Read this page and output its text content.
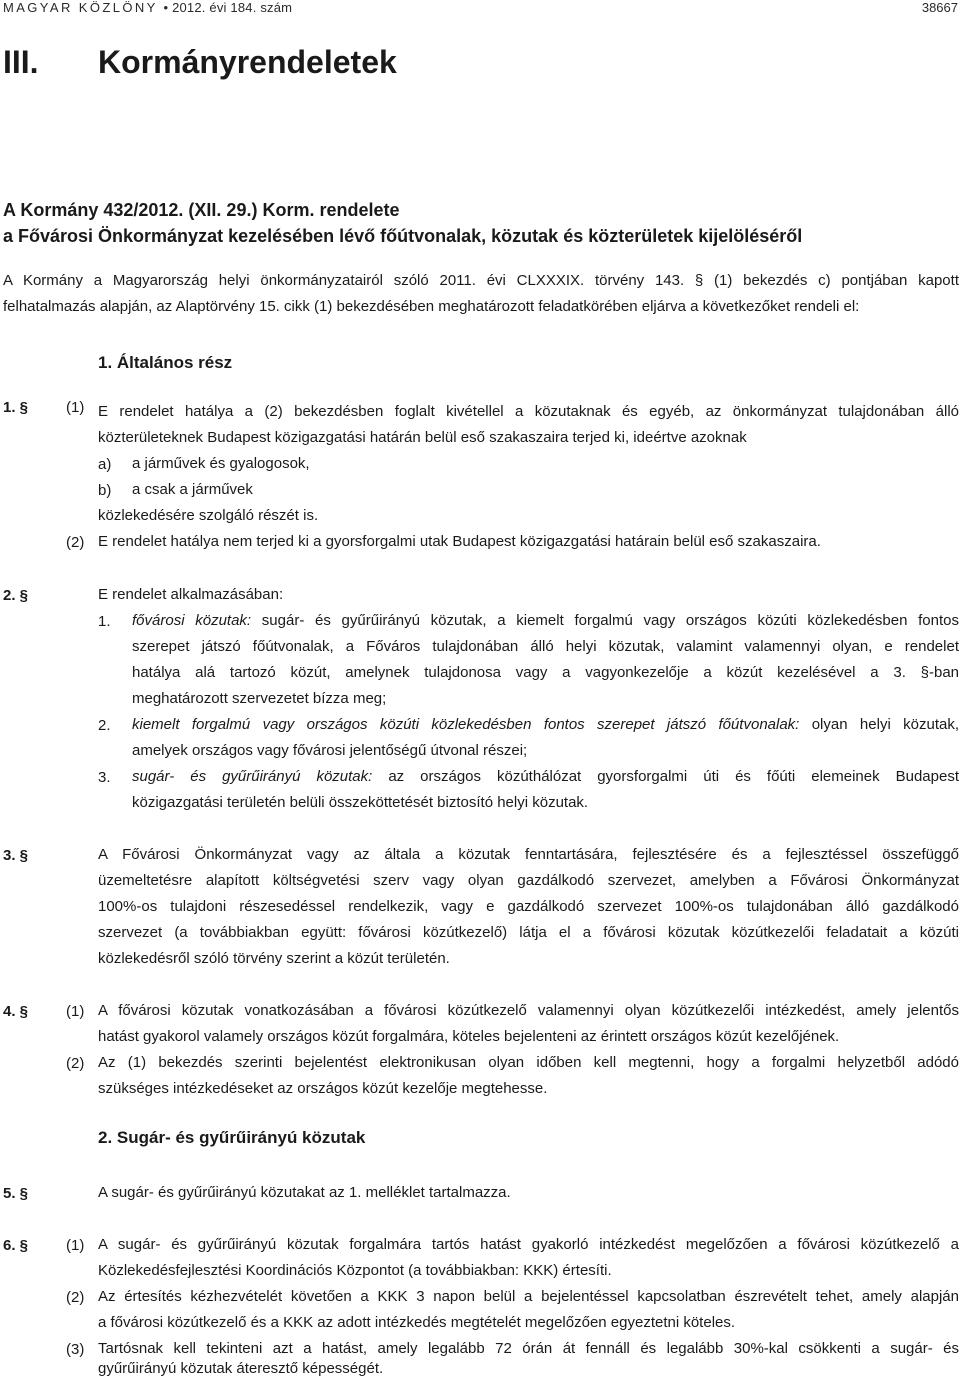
MAGYAR KÖZLÖNY • 2012. évi 184. szám	38667
III. Kormányrendeletek
A Kormány 432/2012. (XII. 29.) Korm. rendelete
a Fővárosi Önkormányzat kezelésében lévő főútvonalak, közutak és közterületek kijelöléséről
A Kormány a Magyarország helyi önkormányzatairól szóló 2011. évi CLXXXIX. törvény 143. § (1) bekezdés c) pontjában kapott
felhatalmazás alapján, az Alaptörvény 15. cikk (1) bekezdésében meghatározott feladatkörében eljárva a következőket rendeli el:
1. Általános rész
1. §	(1) E rendelet hatálya a (2) bekezdésben foglalt kivétellel a közutaknak és egyéb, az önkormányzat tulajdonában álló
közterületeknek Budapest közigazgatási határán belül eső szakaszaira terjed ki, ideértve azoknak
a) a járművek és gyalogosok,
b) a csak a járművek
közlekedésére szolgáló részét is.
(2) E rendelet hatálya nem terjed ki a gyorsforgalmi utak Budapest közigazgatási határain belül eső szakaszaira.
2. §	E rendelet alkalmazásában:
1. fővárosi közutak: sugár- és gyűrűirányú közutak, a kiemelt forgalmú vagy országos közúti közlekedésben fontos
szerepet játszó főútvonalak, a Főváros tulajdonában álló helyi közutak, valamint valamennyi olyan, e rendelet
hatálya alá tartozó közút, amelynek tulajdonosa vagy a vagyonkezelője a közút kezelésével a 3. §-ban
meghatározott szervezetet bízza meg;
2. kiemelt forgalmú vagy országos közúti közlekedésben fontos szerepet játszó főútvonalak: olyan helyi közutak,
amelyek országos vagy fővárosi jelentőségű útvonal részei;
3. sugár- és gyűrűirányú közutak: az országos közúthálózat gyorsforgalmi úti és főúti elemeinek Budapest
közigazgatási területén belüli összeköttetését biztosító helyi közutak.
3. §	A Fővárosi Önkormányzat vagy az általa a közutak fenntartására, fejlesztésére és a fejlesztéssel összefüggő
üzemeltetésre alapított költségvetési szerv vagy olyan gazdálkodó szervezet, amelyben a Fővárosi Önkormányzat
100%-os tulajdoni részesedéssel rendelkezik, vagy e gazdálkodó szervezet 100%-os tulajdonában álló gazdálkodó
szervezet (a továbbiakban együtt: fővárosi közútkezelő) látja el a fővárosi közutak közútkezelői feladatait a közúti
közlekedésről szóló törvény szerint a közút területén.
4. §	(1) A fővárosi közutak vonatkozásában a fővárosi közútkezelő valamennyi olyan közútkezelői intézkedést, amely jelentős
hatást gyakorol valamely országos közút forgalmára, köteles bejelenteni az érintett országos közút kezelőjének.
(2) Az (1) bekezdés szerinti bejelentést elektronikusan olyan időben kell megtenni, hogy a forgalmi helyzetből adódó
szükséges intézkedéseket az országos közút kezelője megtehesse.
2. Sugár- és gyűrűirányú közutak
5. §	A sugár- és gyűrűirányú közutakat az 1. melléklet tartalmazza.
6. §	(1) A sugár- és gyűrűirányú közutak forgalmára tartós hatást gyakorló intézkedést megelőzően a fővárosi közútkezelő a
Közlekedésfejlesztési Koordinációs Központot (a továbbiakban: KKK) értesíti.
(2) Az értesítés kézhezvételét követően a KKK 3 napon belül a bejelentéssel kapcsolatban észrevételt tehet, amely alapján
a fővárosi közútkezelő és a KKK az adott intézkedés megtételét megelőzően egyeztetni köteles.
(3) Tartósnak kell tekinteni azt a hatást, amely legalább 72 órán át fennáll és legalább 30%-kal csökkenti a sugár- és
gyűrűirányú közutak áteresztő képességét.
